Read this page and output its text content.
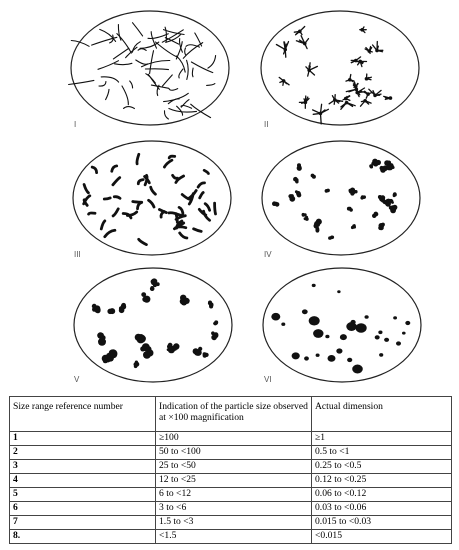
I	II
III	IV
V	VI
Size range reference number	Indication of the particle size observed at ×100 magnification	Actual dimension
1	≥100	≥1
2	50 to <100	0.5 to <1
3	25 to <50	0.25 to <0.5
4	12 to <25	0.12 to <0.25
5	6 to <12	0.06 to <0.12
6	3 to <6	0.03 to <0.06
7	1.5 to <3	0.015 to <0.03
8.	<1.5	<0.015
